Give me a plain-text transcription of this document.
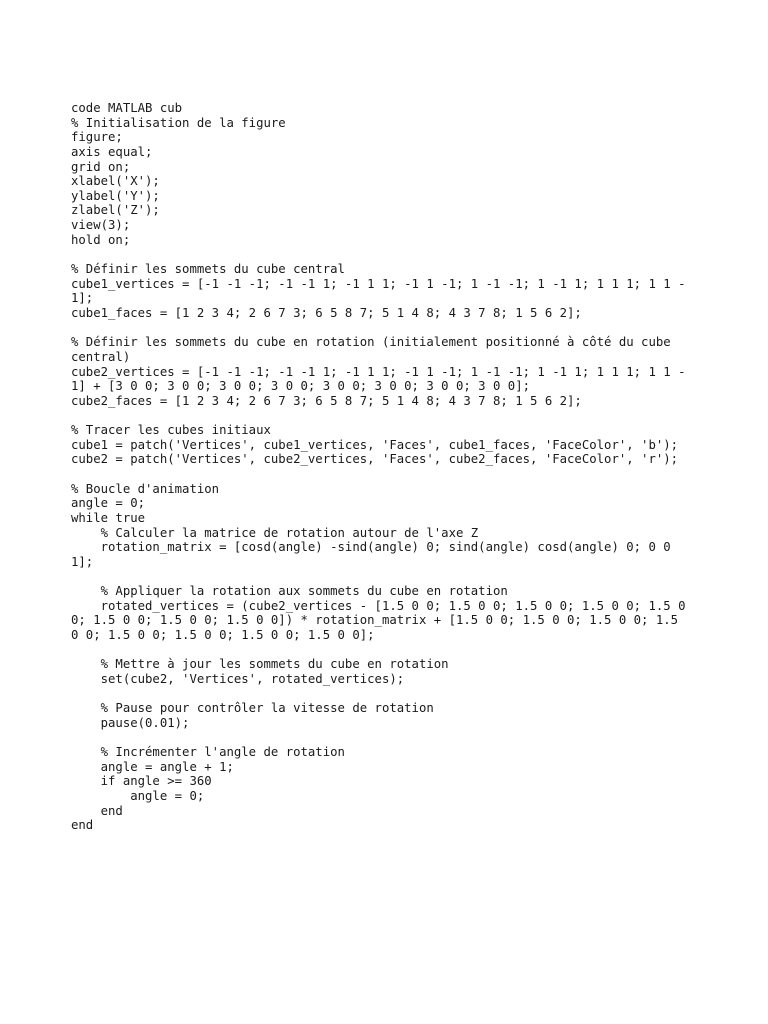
code MATLAB cub
% Initialisation de la figure
figure;
axis equal;
grid on;
xlabel('X');
ylabel('Y');
zlabel('Z');
view(3);
hold on;
% Définir les sommets du cube central
cube1_vertices = [-1 -1 -1; -1 -1 1; -1 1 1; -1 1 -1; 1 -1 -1; 1 -1 1; 1 1 1; 1 1 -
1];
cube1_faces = [1 2 3 4; 2 6 7 3; 6 5 8 7; 5 1 4 8; 4 3 7 8; 1 5 6 2];
% Définir les sommets du cube en rotation (initialement positionné à côté du cube
central)
cube2_vertices = [-1 -1 -1; -1 -1 1; -1 1 1; -1 1 -1; 1 -1 -1; 1 -1 1; 1 1 1; 1 1 -
1] + [3 0 0; 3 0 0; 3 0 0; 3 0 0; 3 0 0; 3 0 0; 3 0 0; 3 0 0];
cube2_faces = [1 2 3 4; 2 6 7 3; 6 5 8 7; 5 1 4 8; 4 3 7 8; 1 5 6 2];
% Tracer les cubes initiaux
cube1 = patch('Vertices', cube1_vertices, 'Faces', cube1_faces, 'FaceColor', 'b');
cube2 = patch('Vertices', cube2_vertices, 'Faces', cube2_faces, 'FaceColor', 'r');
% Boucle d'animation
angle = 0;
while true
% Calculer la matrice de rotation autour de l'axe Z
rotation_matrix = [cosd(angle) -sind(angle) 0; sind(angle) cosd(angle) 0; 0 0
1];
% Appliquer la rotation aux sommets du cube en rotation
rotated_vertices = (cube2_vertices - [1.5 0 0; 1.5 0 0; 1.5 0 0; 1.5 0 0; 1.5 0
0; 1.5 0 0; 1.5 0 0; 1.5 0 0]) * rotation_matrix + [1.5 0 0; 1.5 0 0; 1.5 0 0; 1.5
0 0; 1.5 0 0; 1.5 0 0; 1.5 0 0; 1.5 0 0];
% Mettre à jour les sommets du cube en rotation
set(cube2, 'Vertices', rotated_vertices);
% Pause pour contrôler la vitesse de rotation
pause(0.01);
% Incrémenter l'angle de rotation
angle = angle + 1;
if angle >= 360
angle = 0;
end
end
